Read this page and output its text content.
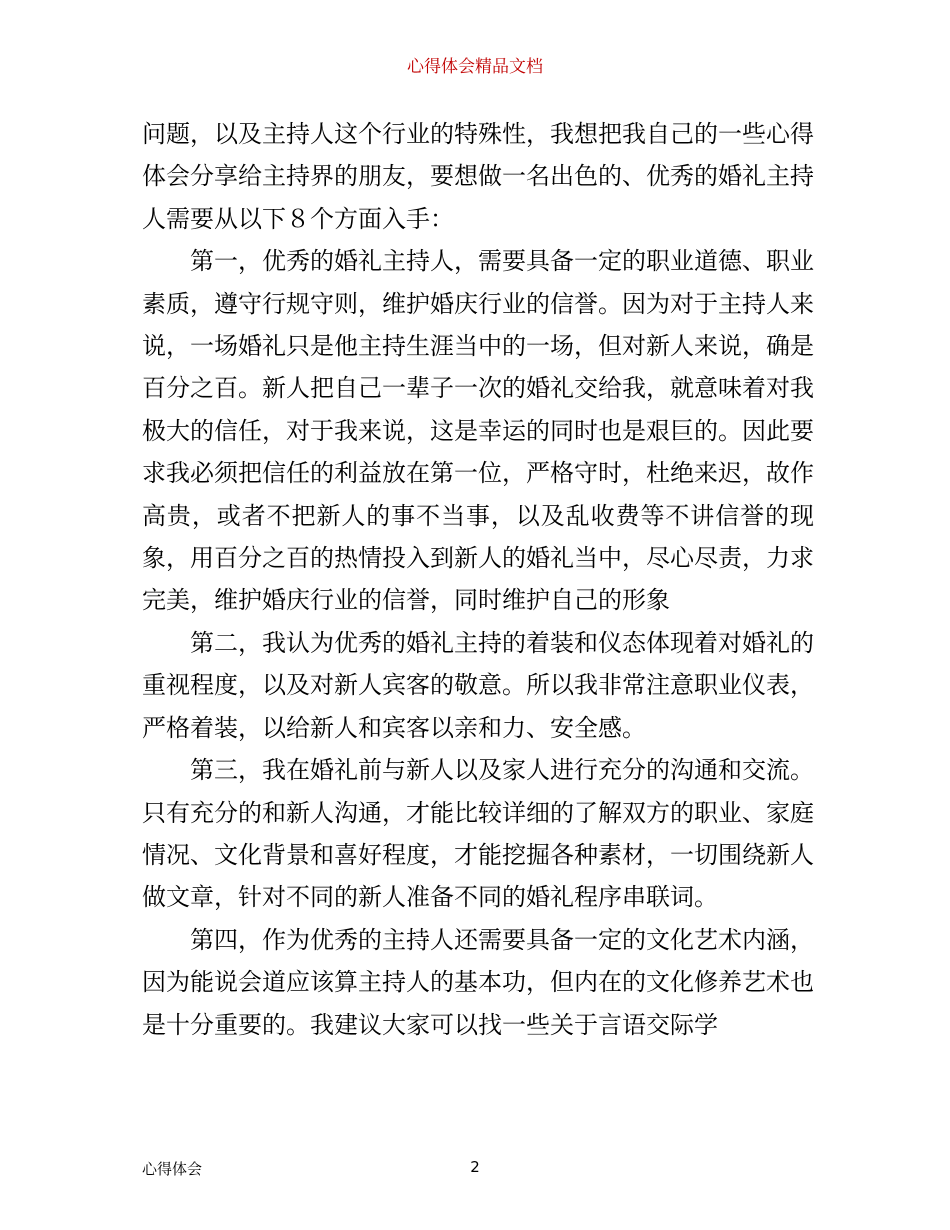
心得体会精品文档

问题，以及主持人这个行业的特殊性，我想把我自己的一些心得体会分享给主持界的朋友，要想做一名出色的、优秀的婚礼主持人需要从以下８个方面入手：

第一，优秀的婚礼主持人，需要具备一定的职业道德、职业素质，遵守行规守则，维护婚庆行业的信誉。因为对于主持人来说，一场婚礼只是他主持生涯当中的一场，但对新人来说，确是百分之百。新人把自己一辈子一次的婚礼交给我，就意味着对我极大的信任，对于我来说，这是幸运的同时也是艰巨的。因此要求我必须把信任的利益放在第一位，严格守时，杜绝来迟，故作高贵，或者不把新人的事不当事，以及乱收费等不讲信誉的现象，用百分之百的热情投入到新人的婚礼当中，尽心尽责，力求完美，维护婚庆行业的信誉，同时维护自己的形象

第二，我认为优秀的婚礼主持的着装和仪态体现着对婚礼的重视程度，以及对新人宾客的敬意。所以我非常注意职业仪表，严格着装，以给新人和宾客以亲和力、安全感。

第三，我在婚礼前与新人以及家人进行充分的沟通和交流。只有充分的和新人沟通，才能比较详细的了解双方的职业、家庭情况、文化背景和喜好程度，才能挖掘各种素材，一切围绕新人做文章，针对不同的新人准备不同的婚礼程序串联词。

第四，作为优秀的主持人还需要具备一定的文化艺术内涵，因为能说会道应该算主持人的基本功，但内在的文化修养艺术也是十分重要的。我建议大家可以找一些关于言语交际学

心得体会	2
